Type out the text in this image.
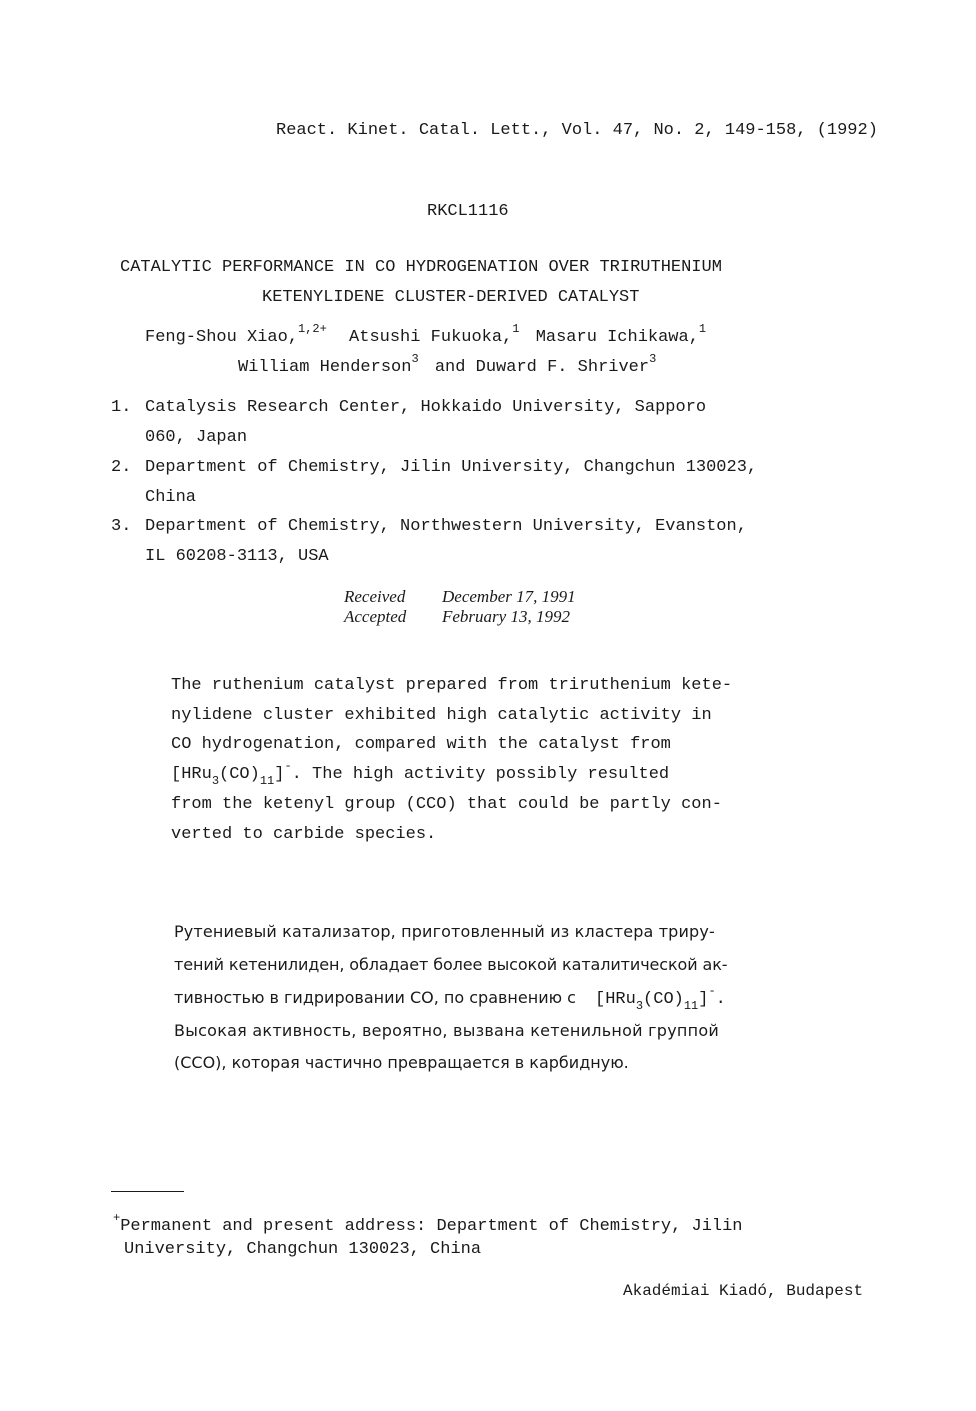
React. Kinet. Catal. Lett., Vol. 47, No. 2, 149-158, (1992)
RKCL1116
CATALYTIC PERFORMANCE IN CO HYDROGENATION OVER TRIRUTHENIUM
KETENYLIDENE CLUSTER-DERIVED CATALYST
Feng-Shou Xiao,$^{1,2+}$ Atsushi Fukuoka,$^1$ Masaru Ichikawa,$^1$
William Henderson$^3$ and Duward F. Shriver$^3$
1. Catalysis Research Center, Hokkaido University, Sapporo
060, Japan
2. Department of Chemistry, Jilin University, Changchun 130023,
China
3. Department of Chemistry, Northwestern University, Evanston,
IL 60208-3113, USA
Received December 17, 1991
Accepted February 13, 1992
The ruthenium catalyst prepared from triruthenium kete-
nylidene cluster exhibited high catalytic activity in
CO hydrogenation, compared with the catalyst from
$[HRu_3(CO)_{11}]^-$. The high activity possibly resulted
from the ketenyl group (CCO) that could be partly con-
verted to carbide species.
Рутениевый катализатор, приготовленный из кластера триру-
тений кетенилиден, обладает более высокой каталитической ак-
тивностью в гидрировании CO, по сравнению с $[HRu_3(CO)_{11}]^-$.
Высокая активность, вероятно, вызвана кетенильной группой
(CCO), которая частично превращается в карбидную.
+Permanent and present address: Department of Chemistry, Jilin
University, Changchun 130023, China
Akadémiai Kiadó, Budapest
